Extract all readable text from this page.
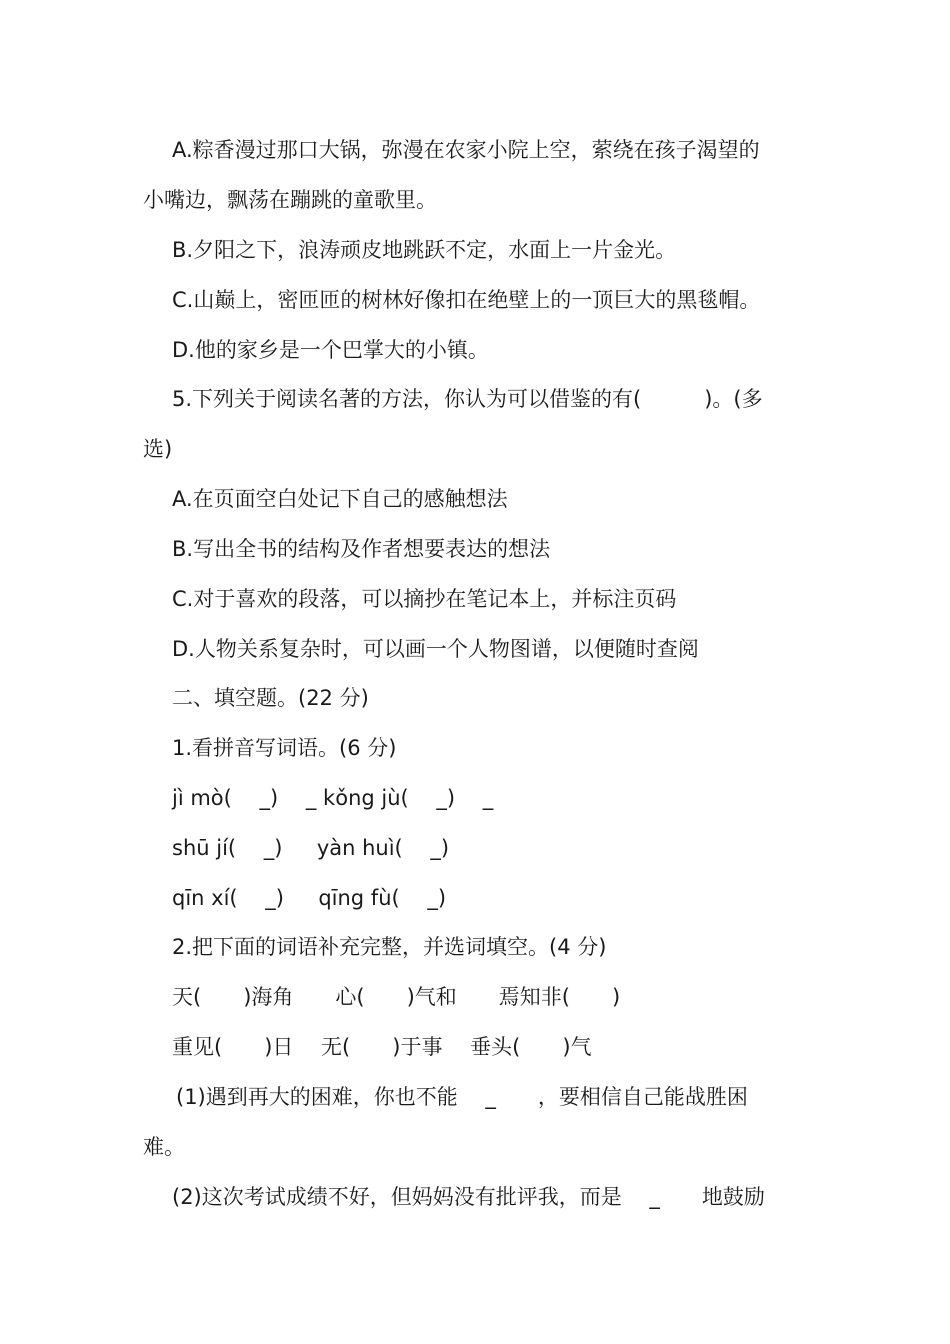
A.粽香漫过那口大锅，弥漫在农家小院上空，萦绕在孩子渴望的

小嘴边，飘荡在蹦跳的童歌里。

B.夕阳之下，浪涛顽皮地跳跃不定，水面上一片金光。

C.山巅上，密匝匝的树林好像扣在绝壁上的一顶巨大的黑毯帽。

D.他的家乡是一个巴掌大的小镇。

5.下列关于阅读名著的方法，你认为可以借鉴的有(　　　)。(多

选)

A.在页面空白处记下自己的感触想法

B.写出全书的结构及作者想要表达的想法

C.对于喜欢的段落，可以摘抄在笔记本上，并标注页码

D.人物关系复杂时，可以画一个人物图谱，以便随时查阅

二、填空题。(22 分)

1.看拼音写词语。(6 分)

jì mò(　 _)　 _ kǒng jù(　 _)　 _

shū jí(　 _)　  yàn huì(　 _)

qīn xí(　 _)　  qīng fù(　 _)

2.把下面的词语补充完整，并选词填空。(4 分)

天(　　)海角　　心(　　)气和　　焉知非(　　)

重见(　　)日　 无(　　)于事　 垂头(　　)气

(1)遇到再大的困难，你也不能　 _　　，要相信自己能战胜困

难。

(2)这次考试成绩不好，但妈妈没有批评我，而是　 _　　地鼓励
